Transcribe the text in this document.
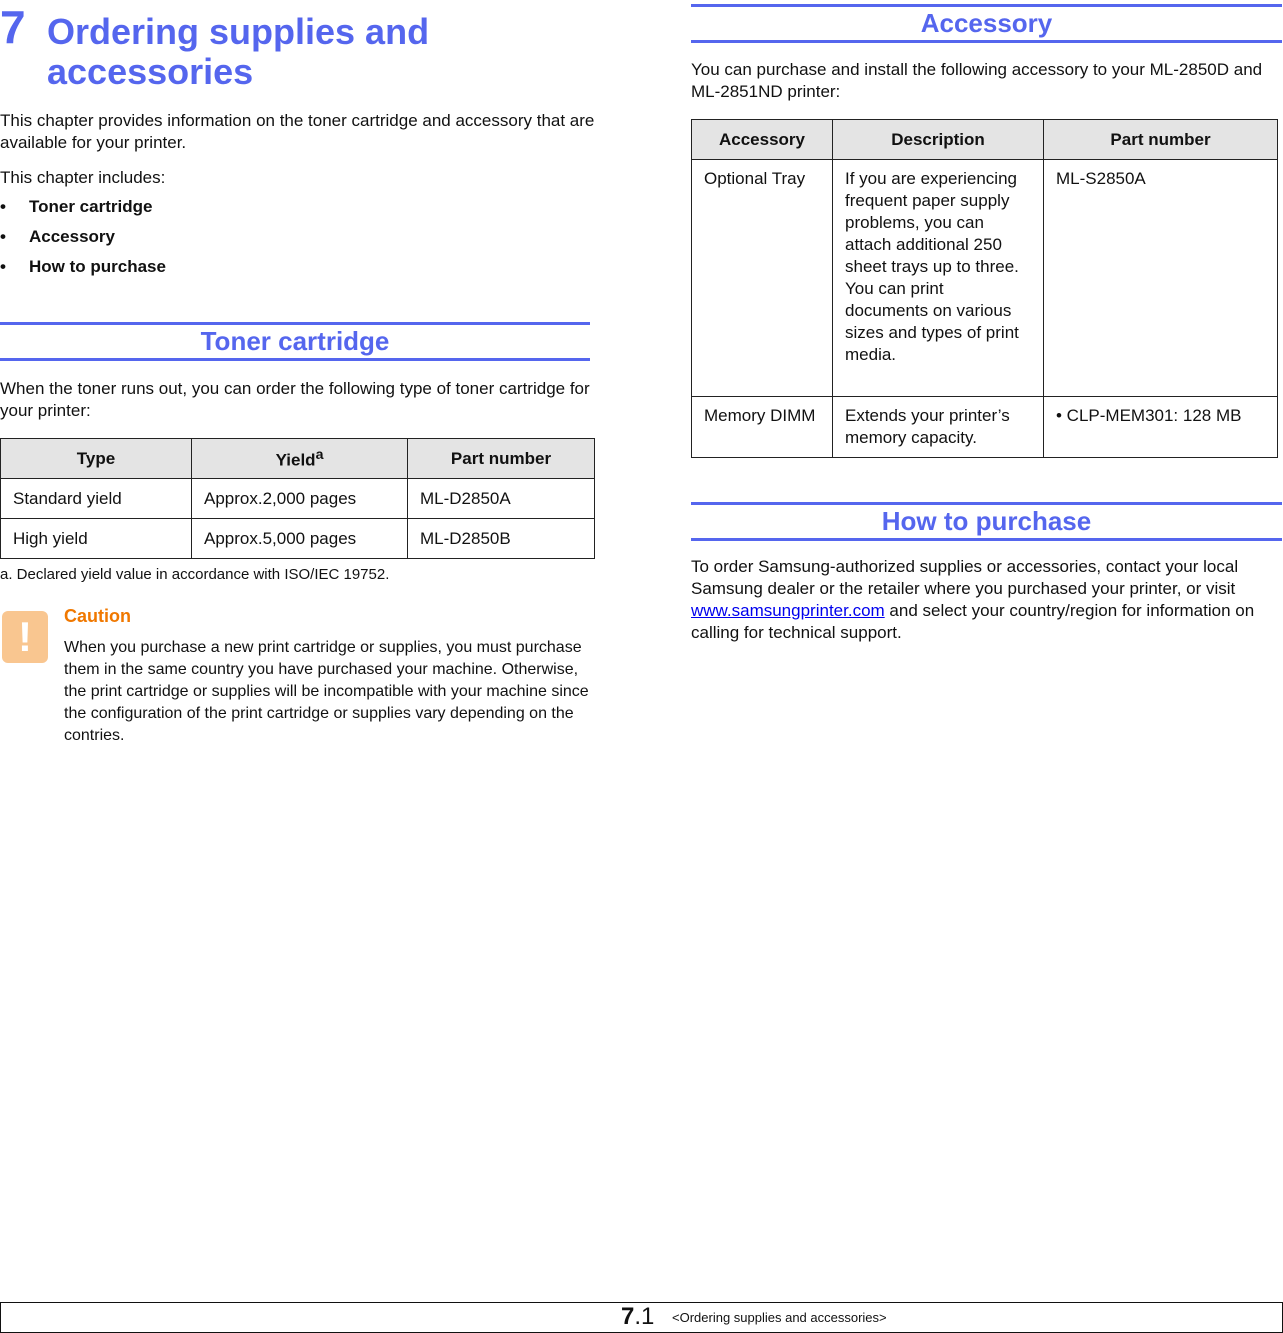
7 Ordering supplies and accessories
This chapter provides information on the toner cartridge and accessory that are available for your printer.
This chapter includes:
• Toner cartridge
• Accessory
• How to purchase
Toner cartridge
When the toner runs out, you can order the following type of toner cartridge for your printer:
Type	Yield$^a$	Part number
Standard yield	Approx.2,000 pages	ML-D2850A
High yield	Approx.5,000 pages	ML-D2850B
a. Declared yield value in accordance with ISO/IEC 19752.
!	Caution
When you purchase a new print cartridge or supplies, you must purchase them in the same country you have purchased your machine. Otherwise, the print cartridge or supplies will be incompatible with your machine since the configuration of the print cartridge or supplies vary depending on the contries.
Accessory
You can purchase and install the following accessory to your ML-2850D and ML-2851ND printer:
Accessory	Description	Part number
Optional Tray	If you are experiencing frequent paper supply problems, you can attach additional 250 sheet trays up to three. You can print documents on various sizes and types of print media.	ML-S2850A
Memory DIMM	Extends your printer’s memory capacity.	• CLP-MEM301: 128 MB
How to purchase
To order Samsung-authorized supplies or accessories, contact your local Samsung dealer or the retailer where you purchased your printer, or visit www.samsungprinter.com and select your country/region for information on calling for technical support.
7.1 <Ordering supplies and accessories>
